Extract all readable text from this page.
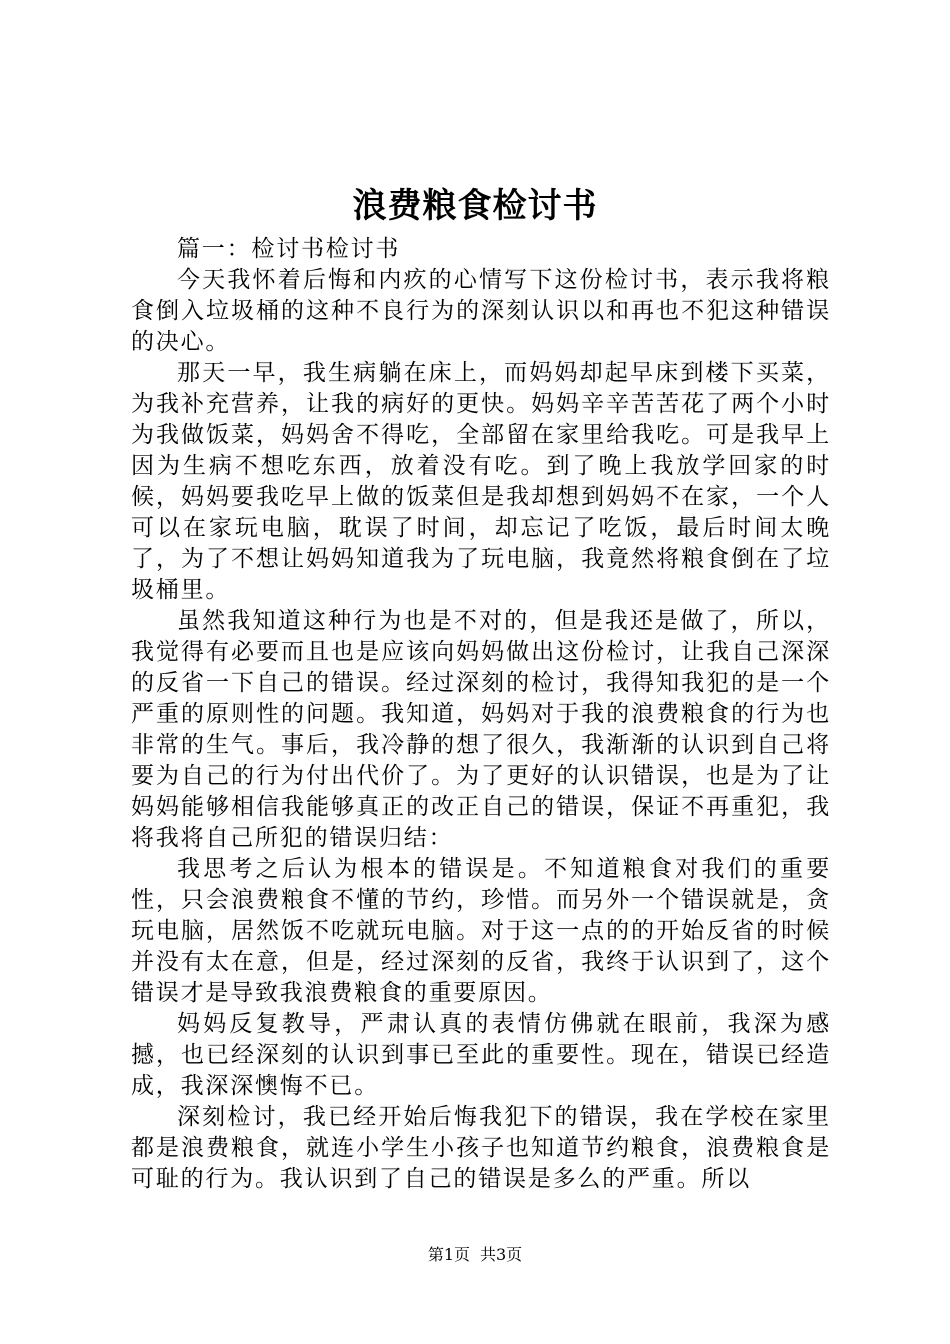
浪费粮食检讨书

篇一：检讨书检讨书

今天我怀着后悔和内疚的心情写下这份检讨书，表示我将粮食倒入垃圾桶的这种不良行为的深刻认识以和再也不犯这种错误的决心。

那天一早，我生病躺在床上，而妈妈却起早床到楼下买菜，为我补充营养，让我的病好的更快。妈妈辛辛苦苦花了两个小时为我做饭菜，妈妈舍不得吃，全部留在家里给我吃。可是我早上因为生病不想吃东西，放着没有吃。到了晚上我放学回家的时候，妈妈要我吃早上做的饭菜但是我却想到妈妈不在家，一个人可以在家玩电脑，耽误了时间，却忘记了吃饭，最后时间太晚了，为了不想让妈妈知道我为了玩电脑，我竟然将粮食倒在了垃圾桶里。

虽然我知道这种行为也是不对的，但是我还是做了，所以，我觉得有必要而且也是应该向妈妈做出这份检讨，让我自己深深的反省一下自己的错误。经过深刻的检讨，我得知我犯的是一个严重的原则性的问题。我知道，妈妈对于我的浪费粮食的行为也非常的生气。事后，我冷静的想了很久，我渐渐的认识到自己将要为自己的行为付出代价了。为了更好的认识错误，也是为了让妈妈能够相信我能够真正的改正自己的错误，保证不再重犯，我将我将自己所犯的错误归结：

我思考之后认为根本的错误是。不知道粮食对我们的重要性，只会浪费粮食不懂的节约，珍惜。而另外一个错误就是，贪玩电脑，居然饭不吃就玩电脑。对于这一点的的开始反省的时候并没有太在意，但是，经过深刻的反省，我终于认识到了，这个错误才是导致我浪费粮食的重要原因。

妈妈反复教导，严肃认真的表情仿佛就在眼前，我深为感撼，也已经深刻的认识到事已至此的重要性。现在，错误已经造成，我深深懊悔不已。

深刻检讨，我已经开始后悔我犯下的错误，我在学校在家里都是浪费粮食，就连小学生小孩子也知道节约粮食，浪费粮食是可耻的行为。我认识到了自己的错误是多么的严重。所以

第1页 共3页
